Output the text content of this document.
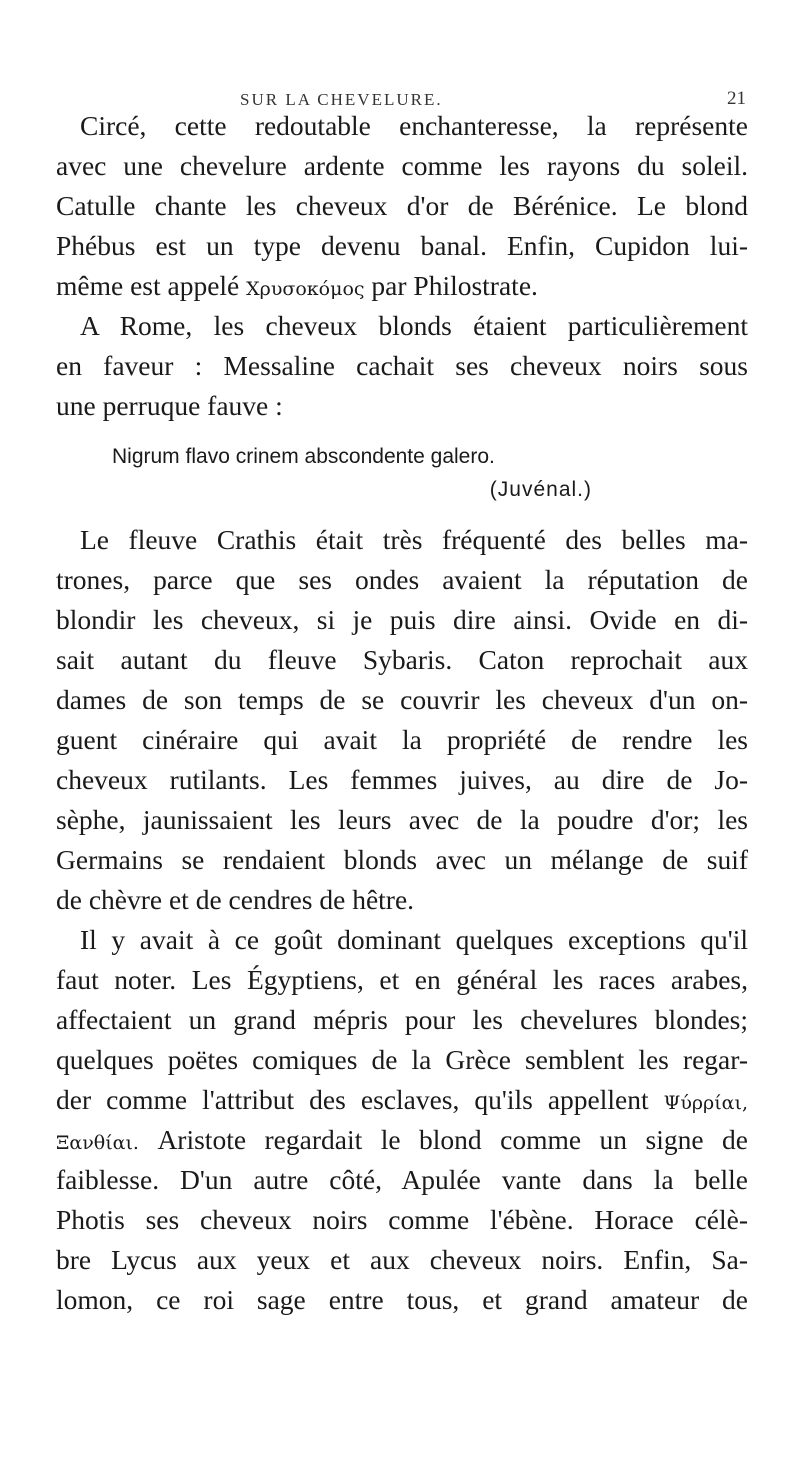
SUR LA CHEVELURE.	21
Circé, cette redoutable enchanteresse, la représente
avec une chevelure ardente comme les rayons du soleil.
Catulle chante les cheveux d'or de Bérénice. Le blond
Phébus est un type devenu banal. Enfin, Cupidon lui-
même est appelé Χρυσοκόμος par Philostrate.
A Rome, les cheveux blonds étaient particulièrement
en faveur : Messaline cachait ses cheveux noirs sous
une perruque fauve :
Nigrum flavo crinem abscondente galero.
(Juvénal.)
Le fleuve Crathis était très fréquenté des belles ma-
trones, parce que ses ondes avaient la réputation de
blondir les cheveux, si je puis dire ainsi. Ovide en di-
sait autant du fleuve Sybaris. Caton reprochait aux
dames de son temps de se couvrir les cheveux d'un on-
guent cinéraire qui avait la propriété de rendre les
cheveux rutilants. Les femmes juives, au dire de Jo-
sèphe, jaunissaient les leurs avec de la poudre d'or; les
Germains se rendaient blonds avec un mélange de suif
de chèvre et de cendres de hêtre.
Il y avait à ce goût dominant quelques exceptions qu'il
faut noter. Les Égyptiens, et en général les races arabes,
affectaient un grand mépris pour les chevelures blondes;
quelques poëtes comiques de la Grèce semblent les regar-
der comme l'attribut des esclaves, qu'ils appellent Ψύρρίαι,
Ξανθίαι. Aristote regardait le blond comme un signe de
faiblesse. D'un autre côté, Apulée vante dans la belle
Photis ses cheveux noirs comme l'ébène. Horace célè-
bre Lycus aux yeux et aux cheveux noirs. Enfin, Sa-
lomon, ce roi sage entre tous, et grand amateur de
